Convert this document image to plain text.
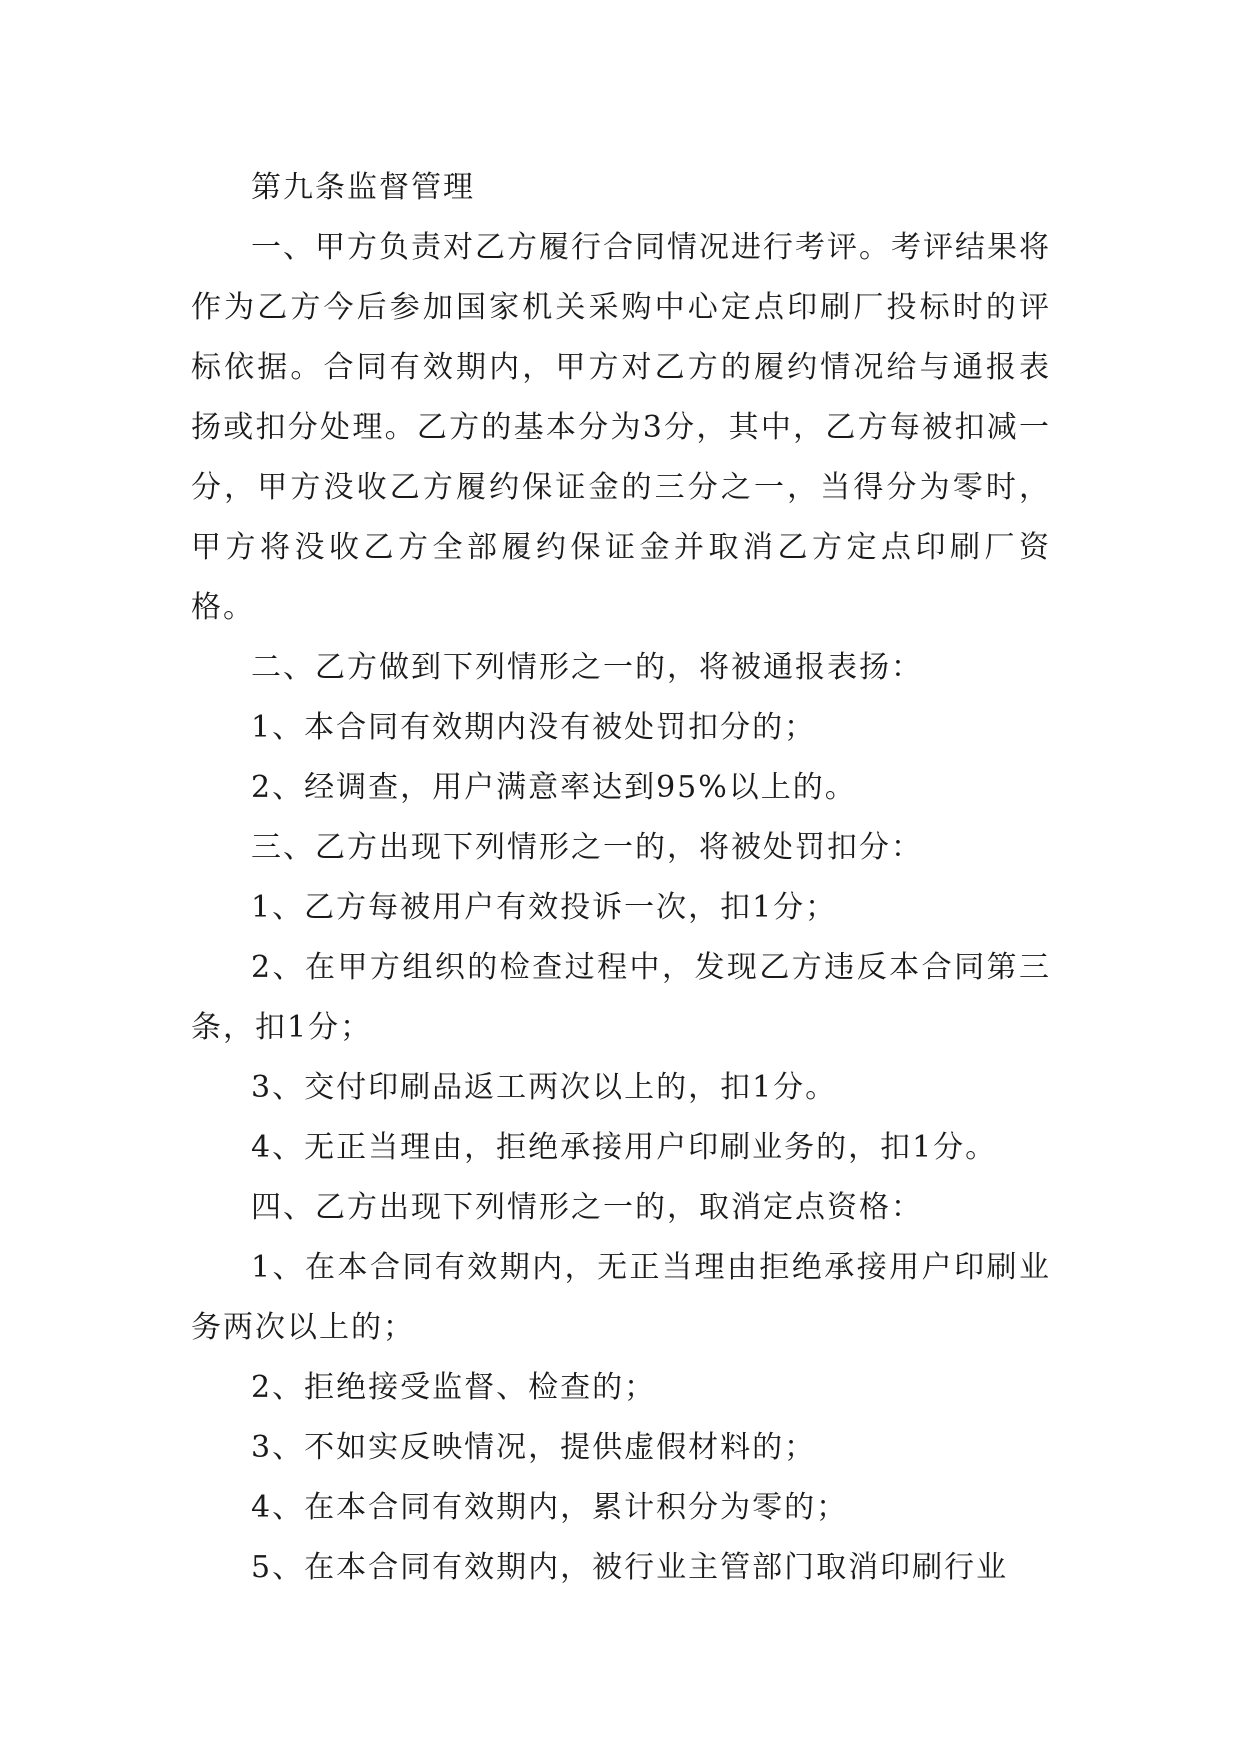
第九条监督管理

一、甲方负责对乙方履行合同情况进行考评。考评结果将作为乙方今后参加国家机关采购中心定点印刷厂投标时的评标依据。合同有效期内，甲方对乙方的履约情况给与通报表扬或扣分处理。乙方的基本分为3分，其中，乙方每被扣减一分，甲方没收乙方履约保证金的三分之一，当得分为零时，甲方将没收乙方全部履约保证金并取消乙方定点印刷厂资格。

二、乙方做到下列情形之一的，将被通报表扬：

1、本合同有效期内没有被处罚扣分的；

2、经调查，用户满意率达到95%以上的。

三、乙方出现下列情形之一的，将被处罚扣分：

1、乙方每被用户有效投诉一次，扣1分；

2、在甲方组织的检查过程中，发现乙方违反本合同第三条，扣1分；

3、交付印刷品返工两次以上的，扣1分。

4、无正当理由，拒绝承接用户印刷业务的，扣1分。

四、乙方出现下列情形之一的，取消定点资格：

1、在本合同有效期内，无正当理由拒绝承接用户印刷业务两次以上的；

2、拒绝接受监督、检查的；

3、不如实反映情况，提供虚假材料的；

4、在本合同有效期内，累计积分为零的；

5、在本合同有效期内，被行业主管部门取消印刷行业
